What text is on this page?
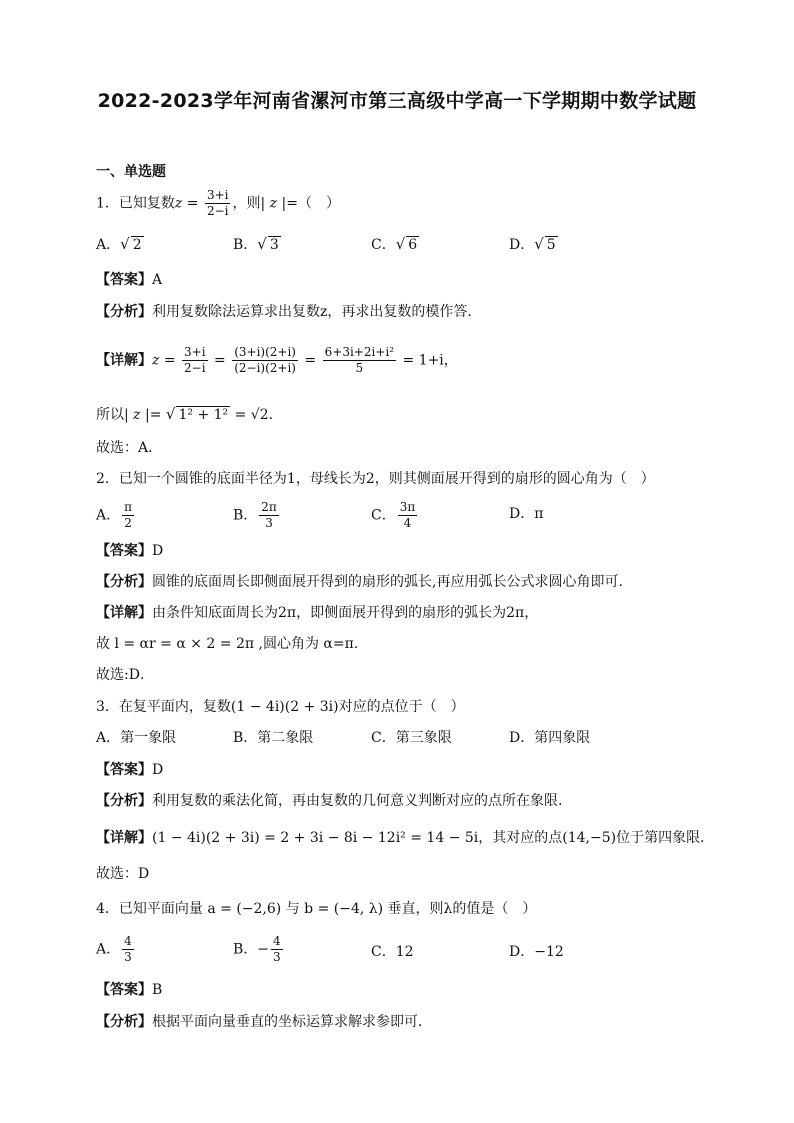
2022-2023学年河南省漯河市第三高级中学高一下学期期中数学试题
一、单选题
1．已知复数$z = \frac{3+i}{2-i}$ ，则| z |=（　）
A．√ 2	B．√ 3	C．√ 6	D．√ 5
【答案】A
【分析】利用复数除法运算求出复数z，再求出复数的模作答.
【详解】$z = \frac{3+i}{2-i} = \frac{(3+i)(2+i)}{(2-i)(2+i)} = \frac{\text{6+3i+2i+i²}}{5} = 1+i$，
所以| z |= √ 1² + 1² = √2.
故选：A．
2．已知一个圆锥的底面半径为1，母线长为2，则其侧面展开得到的扇形的圆心角为（　）
A． $\frac{\pi}{2}$	B． $\frac{2\pi}{3}$	C． $\frac{3\pi}{4}$	D．π
【答案】D
【分析】圆锥的底面周长即侧面展开得到的扇形的弧长,再应用弧长公式求圆心角即可.
【详解】由条件知底面周长为2π，即侧面展开得到的扇形的弧长为2π，
故 l = αr = α × 2 = 2π ,圆心角为 α=π.
故选:D．
3．在复平面内，复数(1 − 4i)(2 + 3i)对应的点位于（　）
A．第一象限	B．第二象限	C．第三象限	D．第四象限
【答案】D
【分析】利用复数的乘法化简，再由复数的几何意义判断对应的点所在象限.
【详解】(1 − 4i)(2 + 3i) = 2 + 3i − 8i − 12i² = 14 − 5i，其对应的点(14,−5)位于第四象限．
故选：D
4．已知平面向量 a = (−2,6) 与 b = (−4, λ) 垂直，则λ的值是（　）
A． $\frac{4}{3}$	B．− $\frac{4}{3}$	C．12	D．−12
【答案】B
【分析】根据平面向量垂直的坐标运算求解求参即可．
